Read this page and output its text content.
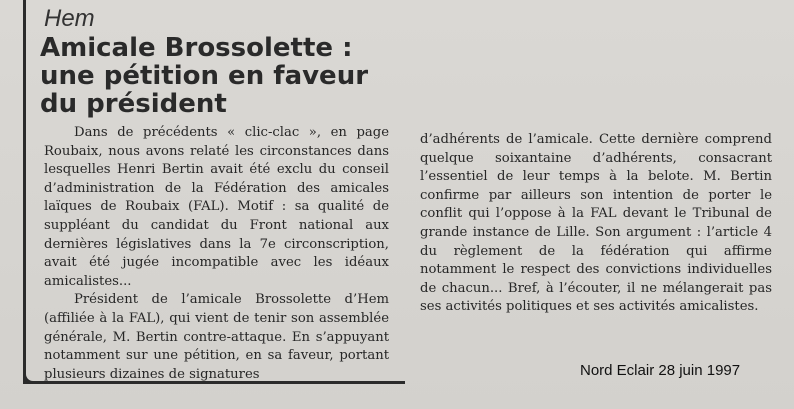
Hem
Amicale Brossolette : une pétition en faveur du président

Dans de précédents « clic-clac », en page Roubaix, nous avons relaté les circonstances dans lesquelles Henri Bertin avait été exclu du conseil d’administration de la Fédération des amicales laïques de Roubaix (FAL). Motif : sa qualité de suppléant du candidat du Front national aux dernières législatives dans la 7e circonscription, avait été jugée incompatible avec les idéaux amicalistes...

Président de l’amicale Brossolette d’Hem (affiliée à la FAL), qui vient de tenir son assemblée générale, M. Bertin contre-attaque. En s’appuyant notamment sur une pétition, en sa faveur, portant plusieurs dizaines de signatures

d’adhérents de l’amicale. Cette dernière comprend quelque soixantaine d’adhérents, consacrant l’essentiel de leur temps à la belote. M. Bertin confirme par ailleurs son intention de porter le conflit qui l’oppose à la FAL devant le Tribunal de grande instance de Lille. Son argument : l’article 4 du règlement de la fédération qui affirme notamment le respect des convictions individuelles de chacun... Bref, à l’écouter, il ne mélangerait pas ses activités politiques et ses activités amicalistes.

Nord Eclair 28 juin 1997
